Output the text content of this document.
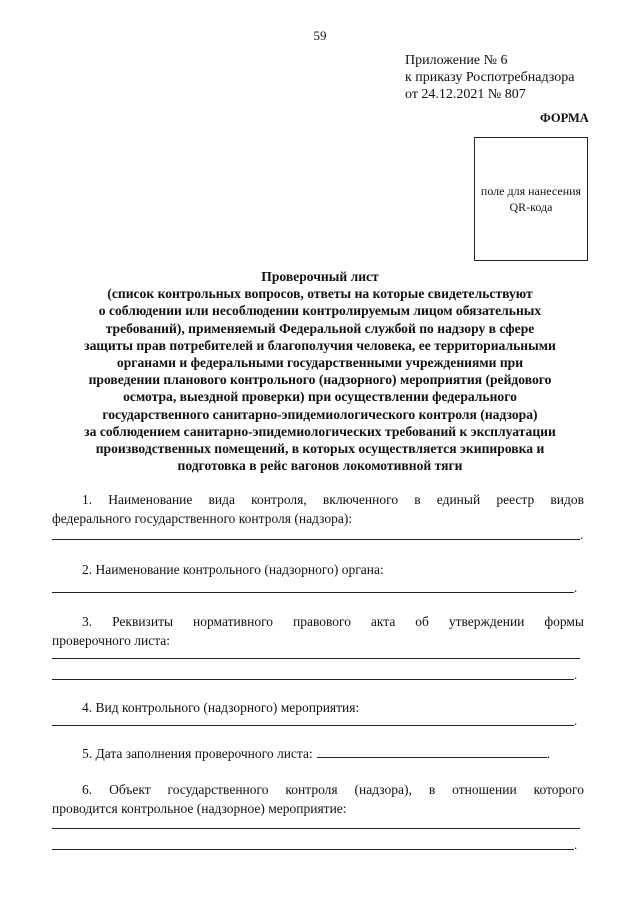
59
Приложение № 6
к приказу Роспотребнадзора
от 24.12.2021 № 807
ФОРМА
поле для нанесения
QR-кода
Проверочный лист
(список контрольных вопросов, ответы на которые свидетельствуют
о соблюдении или несоблюдении контролируемым лицом обязательных
требований), применяемый Федеральной службой по надзору в сфере
защиты прав потребителей и благополучия человека, ее территориальными
органами и федеральными государственными учреждениями при
проведении планового контрольного (надзорного) мероприятия (рейдового
осмотра, выездной проверки) при осуществлении федерального
государственного санитарно-эпидемиологического контроля (надзора)
за соблюдением санитарно-эпидемиологических требований к эксплуатации
производственных помещений, в которых осуществляется экипировка и
подготовка в рейс вагонов локомотивной тяги
1. Наименование вида контроля, включенного в единый реестр видов
федерального государственного контроля (надзора):
.
2. Наименование контрольного (надзорного) органа:
.
3. Реквизиты нормативного правового акта об утверждении формы
проверочного листа:
.
4. Вид контрольного (надзорного) мероприятия:
.
5. Дата заполнения проверочного листа:	.
6. Объект государственного контроля (надзора), в отношении которого
проводится контрольное (надзорное) мероприятие:
.
